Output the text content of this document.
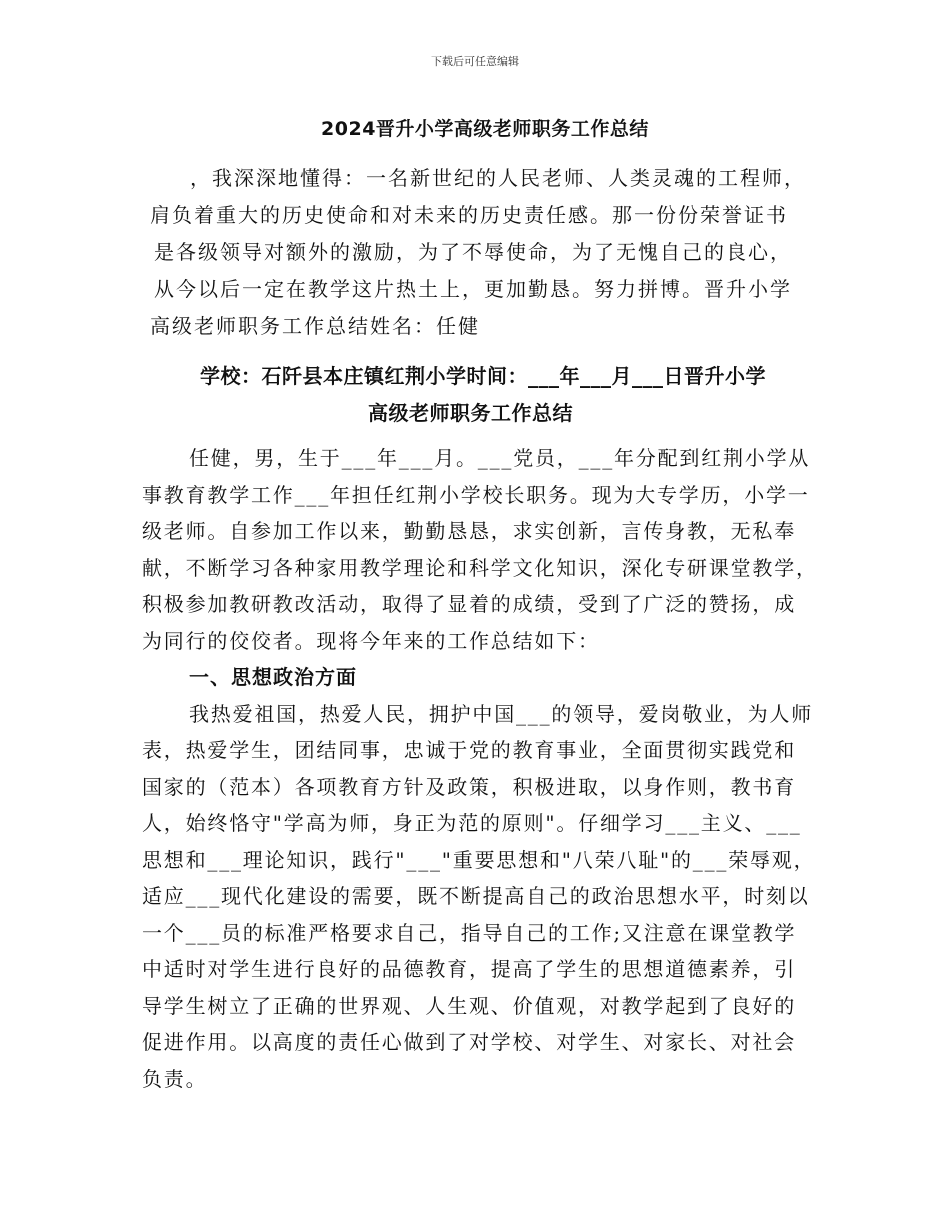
下载后可任意编辑
2024晋升小学高级老师职务工作总结

，我深深地懂得：一名新世纪的人民老师、人类灵魂的工程师，

肩负着重大的历史使命和对未来的历史责任感。那一份份荣誉证书

是各级领导对额外的激励，为了不辱使命，为了无愧自己的良心，

从今以后一定在教学这片热土上，更加勤恳。努力拼博。晋升小学

高级老师职务工作总结姓名：任健

学校：石阡县本庄镇红荆小学时间：___年___月___日晋升小学

高级老师职务工作总结

任健，男，生于___年___月。___党员，___年分配到红荆小学从

事教育教学工作___年担任红荆小学校长职务。现为大专学历，小学一

级老师。自参加工作以来，勤勤恳恳，求实创新，言传身教，无私奉

献，不断学习各种家用教学理论和科学文化知识，深化专研课堂教学，

积极参加教研教改活动，取得了显着的成绩，受到了广泛的赞扬，成

为同行的佼佼者。现将今年来的工作总结如下：

一、思想政治方面

我热爱祖国，热爱人民，拥护中国___的领导，爱岗敬业，为人师

表，热爱学生，团结同事，忠诚于党的教育事业，全面贯彻实践党和

国家的（范本）各项教育方针及政策，积极进取，以身作则，教书育

人，始终恪守"学高为师，身正为范的原则"。仔细学习___主义、___

思想和___理论知识，践行"___"重要思想和"八荣八耻"的___荣辱观，

适应___现代化建设的需要，既不断提高自己的政治思想水平，时刻以

一个___员的标准严格要求自己，指导自己的工作;又注意在课堂教学

中适时对学生进行良好的品德教育，提高了学生的思想道德素养，引

导学生树立了正确的世界观、人生观、价值观，对教学起到了良好的

促进作用。以高度的责任心做到了对学校、对学生、对家长、对社会

负责。
